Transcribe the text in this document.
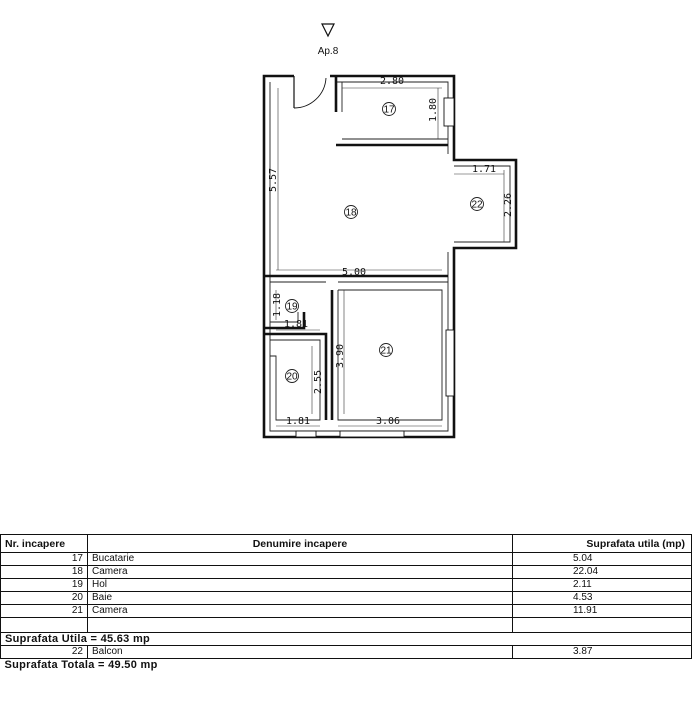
Ap.8
2.80
1.80
5.57	1.71
2.26
5.00
1.18
1.81
3.90
2.55
1.81	3.06
17
18
22
19
21
20
Nr. incapere	Denumire incapere	Suprafata utila (mp)
17	Bucatarie	5.04
18	Camera	22.04
19	Hol	2.11
20	Baie	4.53
21	Camera	11.91

Suprafata Utila = 45.63 mp		
22	Balcon	3.87
Suprafata Totala = 49.50 mp		
